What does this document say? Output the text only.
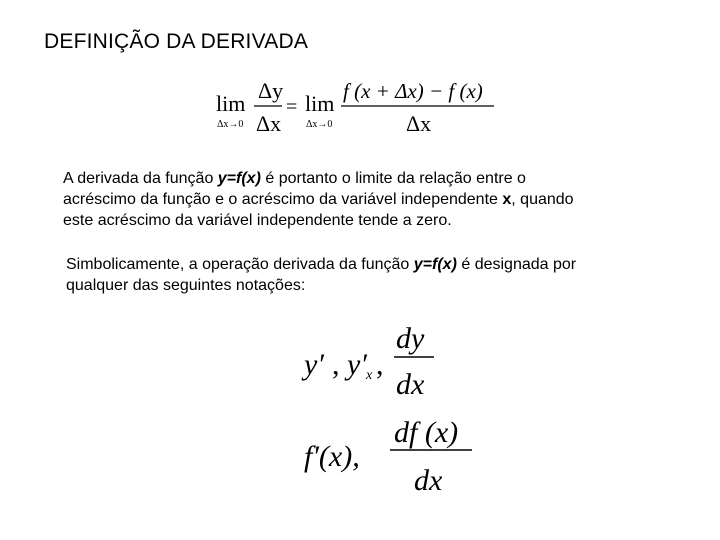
DEFINIÇÃO DA DERIVADA
lim
Δx→0
Δy
Δx
= lim
Δx→0
f (x + Δx) − f (x)
Δx
A derivada da função y=f(x) é portanto o limite da relação entre o
acréscimo da função e o acréscimo da variável independente x, quando
este acréscimo da variável independente tende a zero.
Simbolicamente, a operação derivada da função y=f(x) é designada por
qualquer das seguintes notações:
y′ , y′ x ,
dy
dx
f′(x),
df (x)
dx
